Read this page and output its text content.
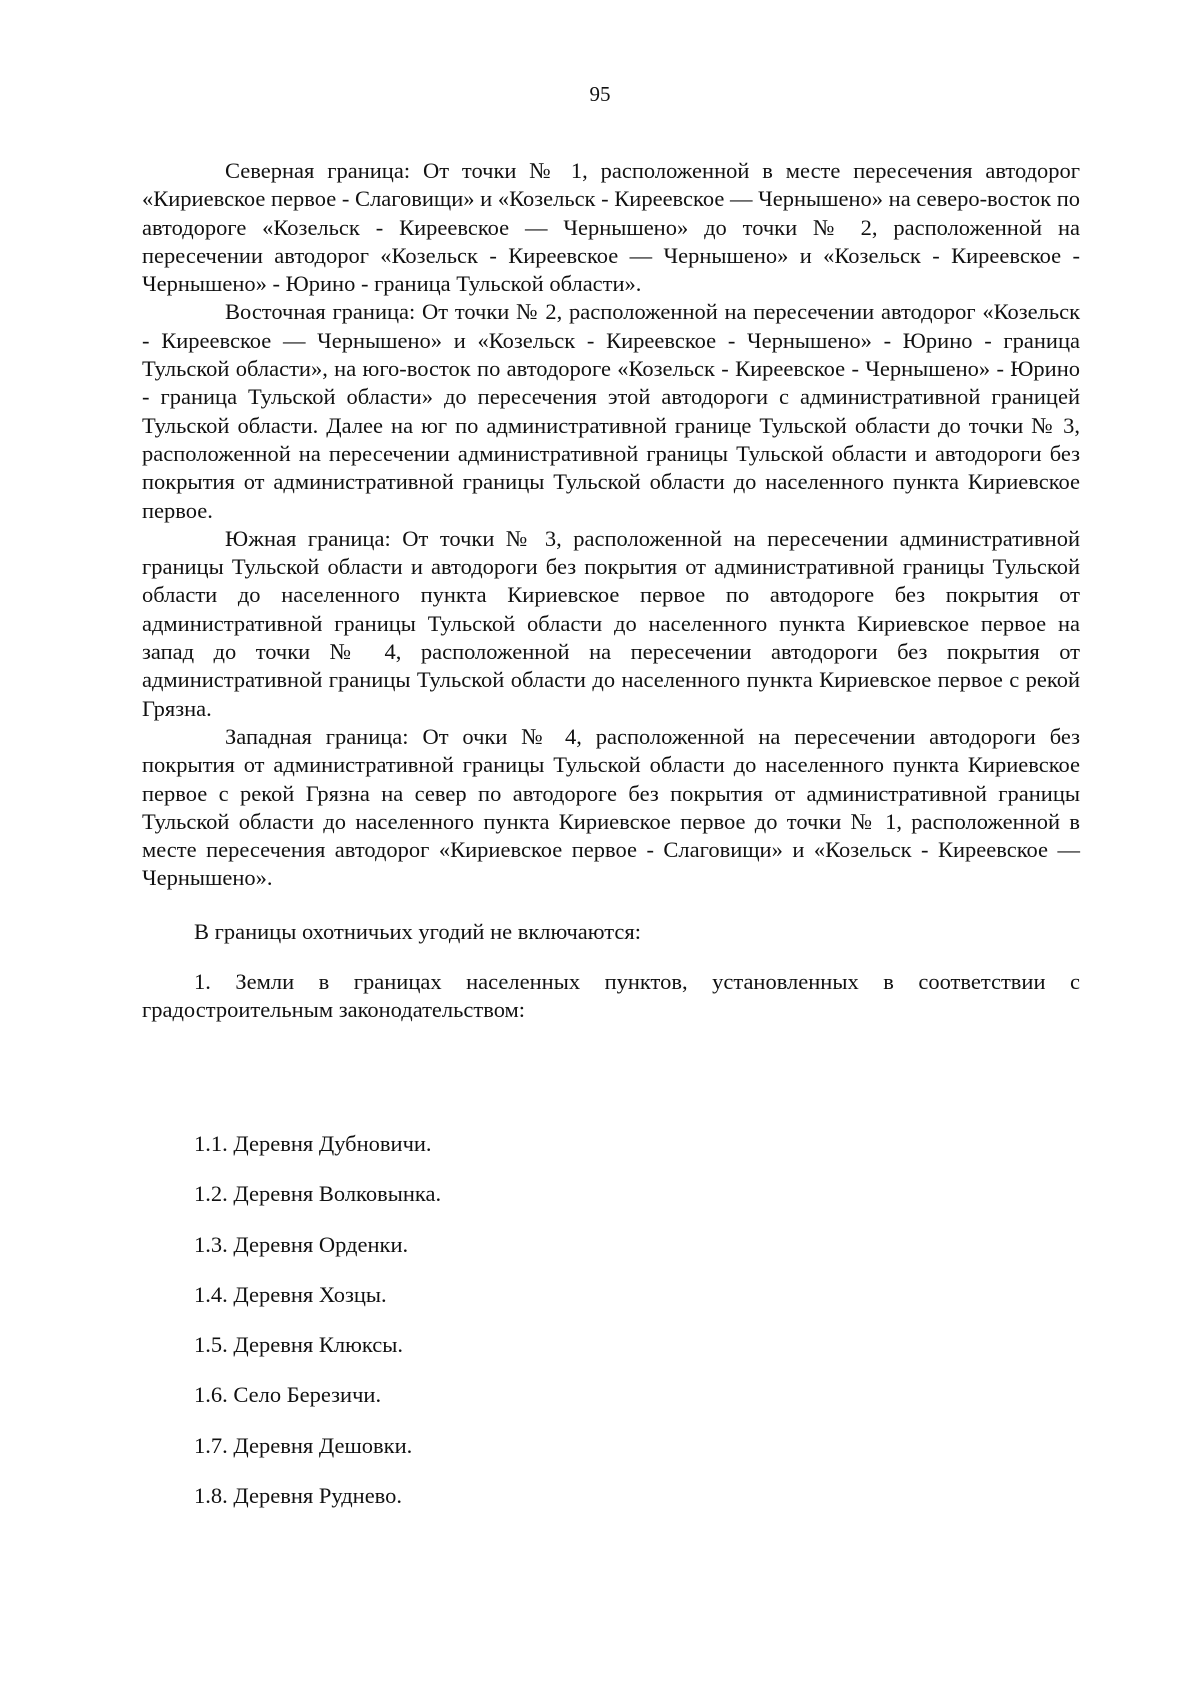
95

Северная граница: От точки № 1, расположенной в месте пересечения автодорог «Кириевское первое - Слаговищи» и «Козельск - Киреевское — Чернышено» на северо-восток по автодороге «Козельск - Киреевское — Чернышено» до точки № 2, расположенной на пересечении автодорог «Козельск - Киреевское — Чернышено» и «Козельск - Киреевское - Чернышено» - Юрино - граница Тульской области».

Восточная граница: От точки № 2, расположенной на пересечении автодорог «Козельск - Киреевское — Чернышено» и «Козельск - Киреевское - Чернышено» - Юрино - граница Тульской области», на юго-восток по автодороге «Козельск - Киреевское - Чернышено» - Юрино - граница Тульской области» до пересечения этой автодороги с административной границей Тульской области. Далее на юг по административной границе Тульской области до точки № 3, расположенной на пересечении административной границы Тульской области и автодороги без покрытия от административной границы Тульской области до населенного пункта Кириевское первое.

Южная граница: От точки № 3, расположенной на пересечении административной границы Тульской области и автодороги без покрытия от административной границы Тульской области до населенного пункта Кириевское первое по автодороге без покрытия от административной границы Тульской области до населенного пункта Кириевское первое на запад до точки № 4, расположенной на пересечении автодороги без покрытия от административной границы Тульской области до населенного пункта Кириевское первое с рекой Грязна.

Западная граница: От очки № 4, расположенной на пересечении автодороги без покрытия от административной границы Тульской области до населенного пункта Кириевское первое с рекой Грязна на север по автодороге без покрытия от административной границы Тульской области до населенного пункта Кириевское первое до точки № 1, расположенной в месте пересечения автодорог «Кириевское первое - Слаговищи» и «Козельск - Киреевское — Чернышено».

В границы охотничьих угодий не включаются:

1. Земли в границах населенных пунктов, установленных в соответствии с градостроительным законодательством:

1.1. Деревня Дубновичи.
1.2. Деревня Волковынка.
1.3. Деревня Орденки.
1.4. Деревня Хозцы.
1.5. Деревня Клюксы.
1.6. Село Березичи.
1.7. Деревня Дешовки.
1.8. Деревня Руднево.
